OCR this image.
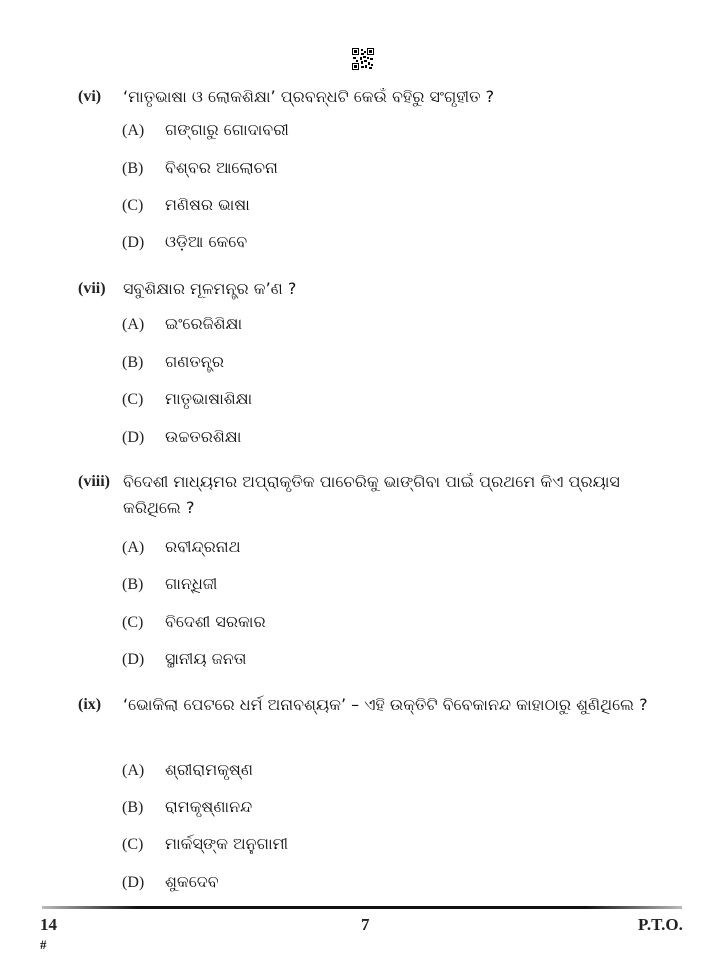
(vi) ‘ମାତୃଭାଷା ଓ ଲୋକଶିକ୍ଷା’ ପ୍ରବନ୍ଧଟି କେଉଁ ବହିରୁ ସଂଗୃହୀତ ?
(A) ଗଙ୍ଗାରୁ ଗୋଦାବରୀ
(B) ବିଶ୍ବର ଆଲୋଚନା
(C) ମଣିଷର ଭାଷା
(D) ଓଡ଼ିଆ କେବେ
(vii) ସବୁଶିକ୍ଷାର ମୂଳମନ୍ତ୍ର କ’ଣ ?
(A) ଇଂରେଜିଶିକ୍ଷା
(B) ଗଣତନ୍ତ୍ର
(C) ମାତୃଭାଷାଶିକ୍ଷା
(D) ଉଚ୍ଚତରଶିକ୍ଷା
(viii) ବିଦେଶୀ ମାଧ୍ୟମର ଅପ୍ରାକୃତିକ ପାଚେରିକୁ ଭାଙ୍ଗିବା ପାଇଁ ପ୍ରଥମେ କିଏ ପ୍ରୟାସ କରିଥିଲେ ?
(A) ରବୀନ୍ଦ୍ରନାଥ
(B) ଗାନ୍ଧିଜୀ
(C) ବିଦେଶୀ ସରକାର
(D) ସ୍ଥାନୀୟ ଜନତା
(ix) ‘ଭୋକିଲା ପେଟରେ ଧର୍ମ ଅନାବଶ୍ୟକ’ – ଏହି ଉକ୍ତିଟି ବିବେକାନନ୍ଦ କାହାଠାରୁ ଶୁଣିଥିଲେ ?
(A) ଶ୍ରୀରାମକୃଷ୍ଣ
(B) ରାମକୃଷ୍ଣାନନ୍ଦ
(C) ମାର୍କସ୍‌ଙ୍କ ଅନୁଗାମୀ
(D) ଶୁକଦେବ
14	7	P.T.O.
#
